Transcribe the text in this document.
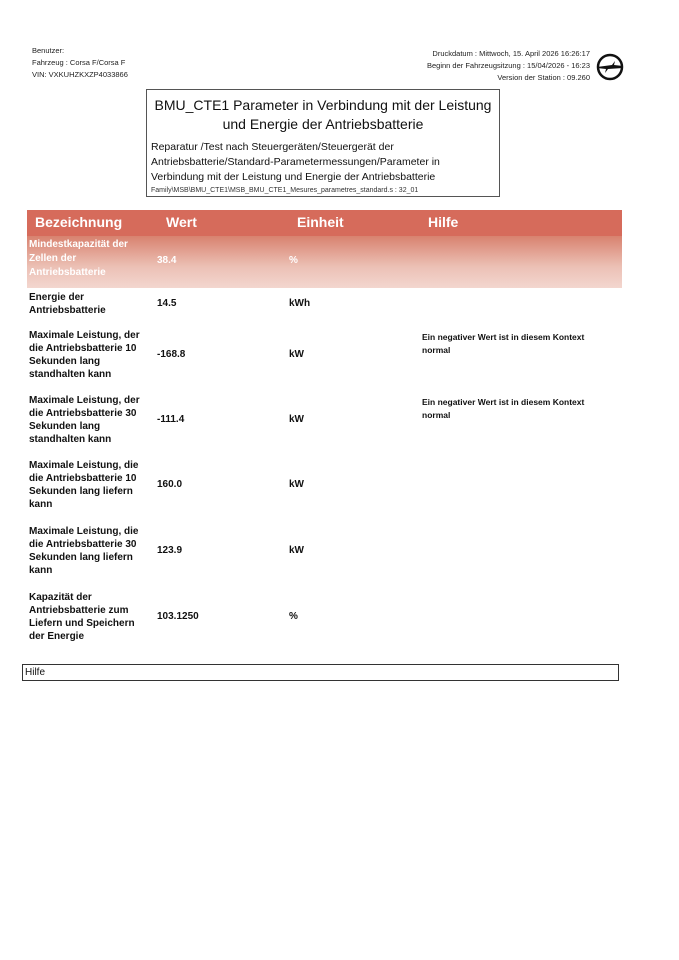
Benutzer:
Fahrzeug : Corsa F/Corsa F
VIN: VXKUHZKXZP4033866
Druckdatum : Mittwoch, 15. April 2026 16:26:17
Beginn der Fahrzeugsitzung : 15/04/2026 - 16:23
Version der Station : 09.260
BMU_CTE1 Parameter in Verbindung mit der Leistung
und Energie der Antriebsbatterie
Reparatur /Test nach Steuergeräten/Steuergerät der
Antriebsbatterie/Standard-Parametermessungen/Parameter in
Verbindung mit der Leistung und Energie der Antriebsbatterie
Family\MSB\BMU_CTE1\MSB_BMU_CTE1_Mesures_parametres_standard.s : 32_01
Bezeichnung	Wert	Einheit	Hilfe
Mindestkapazität der
Zellen der
Antriebsbatterie
38.4	%
Energie der
Antriebsbatterie
14.5	kWh
Maximale Leistung, der
die Antriebsbatterie 10
Sekunden lang
standhalten kann
-168.8	kW
Ein negativer Wert ist in diesem Kontext
normal
Maximale Leistung, der
die Antriebsbatterie 30
Sekunden lang
standhalten kann
-111.4	kW
Ein negativer Wert ist in diesem Kontext
normal
Maximale Leistung, die
die Antriebsbatterie 10
Sekunden lang liefern
kann
160.0	kW
Maximale Leistung, die
die Antriebsbatterie 30
Sekunden lang liefern
kann
123.9	kW
Kapazität der
Antriebsbatterie zum
Liefern und Speichern
der Energie
103.1250	%
Hilfe
